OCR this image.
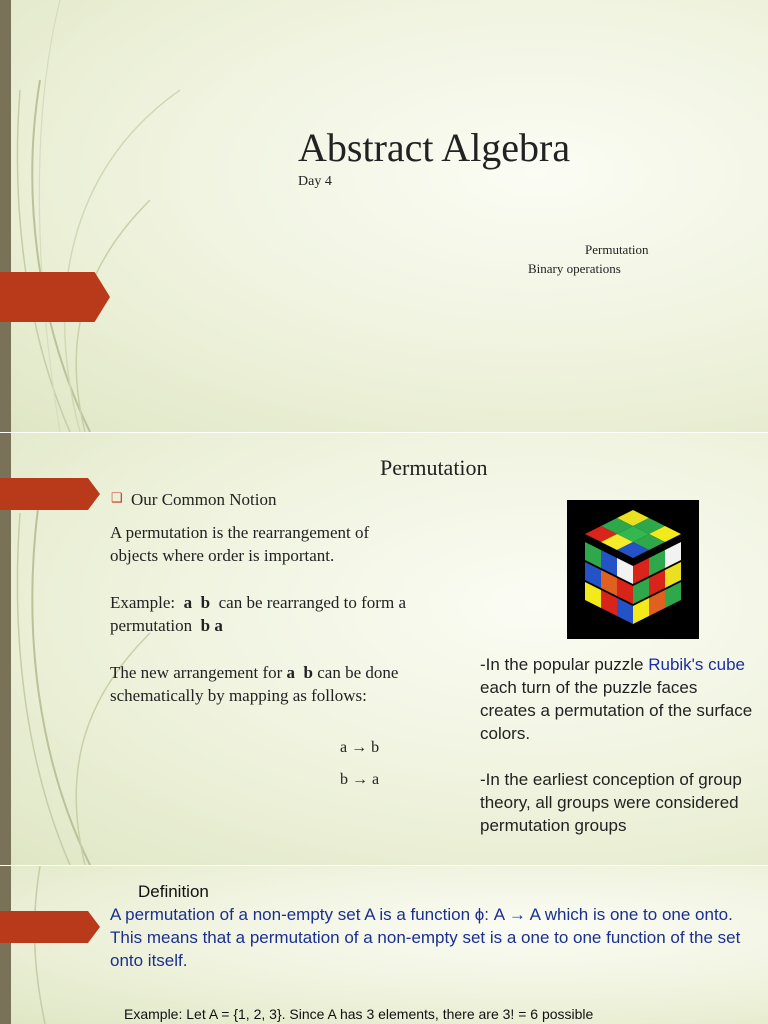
Abstract Algebra
Day 4
Permutation
Binary operations
Permutation
❑ Our Common Notion
A permutation is the rearrangement of objects where order is important.
Example: a b can be rearranged to form a permutation b a
The new arrangement for a b can be done schematically by mapping as follows:
a → b
b → a
-In the popular puzzle Rubik's cube each turn of the puzzle faces creates a permutation of the surface colors.
-In the earliest conception of group theory, all groups were considered permutation groups
Definition
A permutation of a non-empty set A is a function ϕ: A → A which is one to one onto. This means that a permutation of a non-empty set is a one to one function of the set onto itself.
Example: Let A = {1, 2, 3}. Since A has 3 elements, there are 3! = 6 possible
